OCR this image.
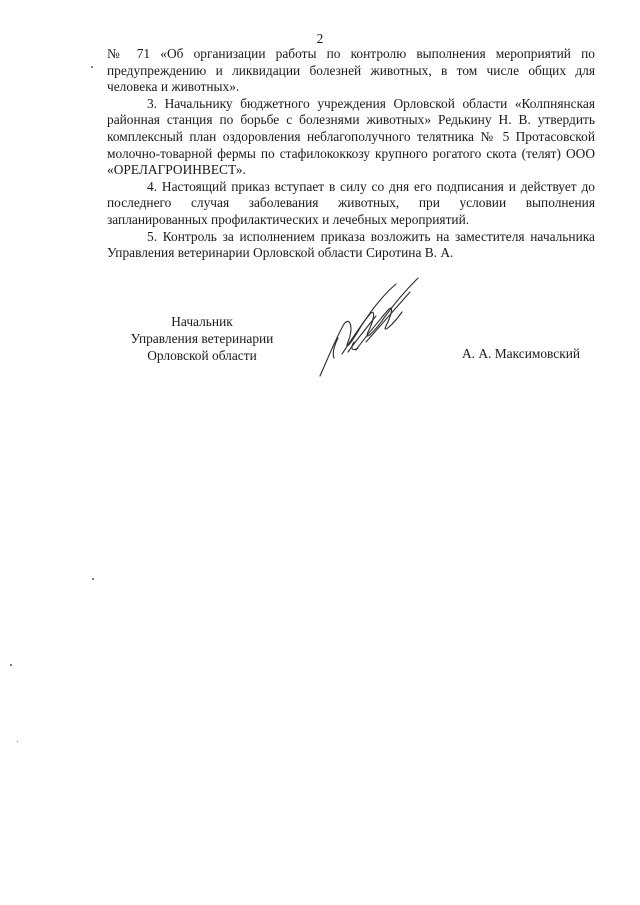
2

№ 71 «Об организации работы по контролю выполнения мероприятий по предупреждению и ликвидации болезней животных, в том числе общих для человека и животных».

3. Начальнику бюджетного учреждения Орловской области «Колпнянская районная станция по борьбе с болезнями животных» Редькину Н. В. утвердить комплексный план оздоровления неблагополучного телятника № 5 Протасовской молочно-товарной фермы по стафилококкозу крупного рогатого скота (телят) ООО «ОРЕЛАГРОИНВЕСТ».

4. Настоящий приказ вступает в силу со дня его подписания и действует до последнего случая заболевания животных, при условии выполнения запланированных профилактических и лечебных мероприятий.

5. Контроль за исполнением приказа возложить на заместителя начальника Управления ветеринарии Орловской области Сиротина В. А.

Начальник
Управления ветеринарии
Орловской области	А. А. Максимовский
